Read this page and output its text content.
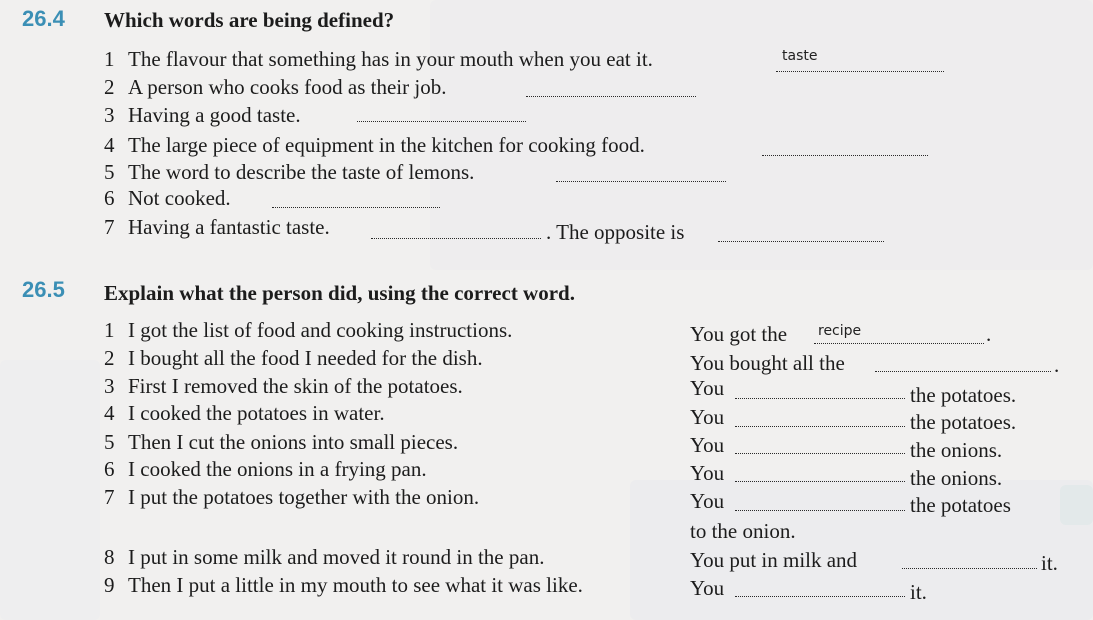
26.4 Which words are being defined?
1 The flavour that something has in your mouth when you eat it.	taste
2 A person who cooks food as their job.
3 Having a good taste.
4 The large piece of equipment in the kitchen for cooking food.
5 The word to describe the taste of lemons.
6 Not cooked.
7 Having a fantastic taste.	. The opposite is
26.5 Explain what the person did, using the correct word.
1 I got the list of food and cooking instructions.	You got the recipe	.
2 I bought all the food I needed for the dish.	You bought all the	.
3 First I removed the skin of the potatoes.	You	the potatoes.
4 I cooked the potatoes in water.	You	the potatoes.
5 Then I cut the onions into small pieces.	You	the onions.
6 I cooked the onions in a frying pan.	You	the onions.
7 I put the potatoes together with the onion.	You	the potatoes
to the onion.
8 I put in some milk and moved it round in the pan.	You put in milk and	it.
9 Then I put a little in my mouth to see what it was like.	You	it.
